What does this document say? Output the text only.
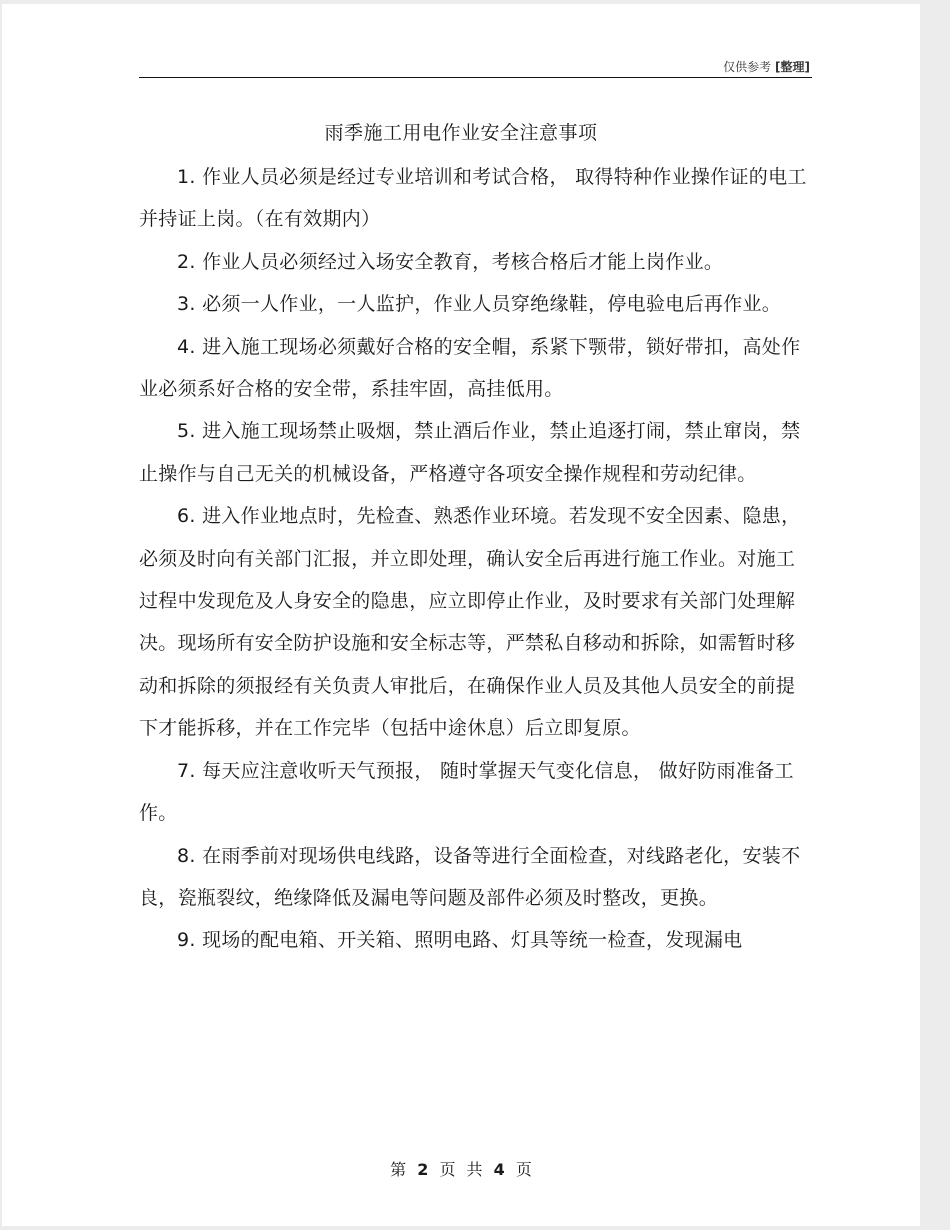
仅供参考 [整理]
雨季施工用电作业安全注意事项

1. 作业人员必须是经过专业培训和考试合格， 取得特种作业操作证的电工并持证上岗。（在有效期内）

2. 作业人员必须经过入场安全教育，考核合格后才能上岗作业。

3. 必须一人作业，一人监护，作业人员穿绝缘鞋，停电验电后再作业。

4. 进入施工现场必须戴好合格的安全帽，系紧下颚带，锁好带扣，高处作业必须系好合格的安全带，系挂牢固，高挂低用。

5. 进入施工现场禁止吸烟，禁止酒后作业，禁止追逐打闹，禁止窜岗，禁止操作与自己无关的机械设备，严格遵守各项安全操作规程和劳动纪律。

6. 进入作业地点时，先检查、熟悉作业环境。若发现不安全因素、隐患，必须及时向有关部门汇报，并立即处理，确认安全后再进行施工作业。对施工过程中发现危及人身安全的隐患，应立即停止作业，及时要求有关部门处理解决。现场所有安全防护设施和安全标志等，严禁私自移动和拆除，如需暂时移动和拆除的须报经有关负责人审批后，在确保作业人员及其他人员安全的前提下才能拆移，并在工作完毕（包括中途休息）后立即复原。

7. 每天应注意收听天气预报， 随时掌握天气变化信息， 做好防雨准备工作。

8. 在雨季前对现场供电线路，设备等进行全面检查，对线路老化，安装不良，瓷瓶裂纹，绝缘降低及漏电等问题及部件必须及时整改，更换。

9. 现场的配电箱、开关箱、照明电路、灯具等统一检查，发现漏电

第 2 页 共 4 页
